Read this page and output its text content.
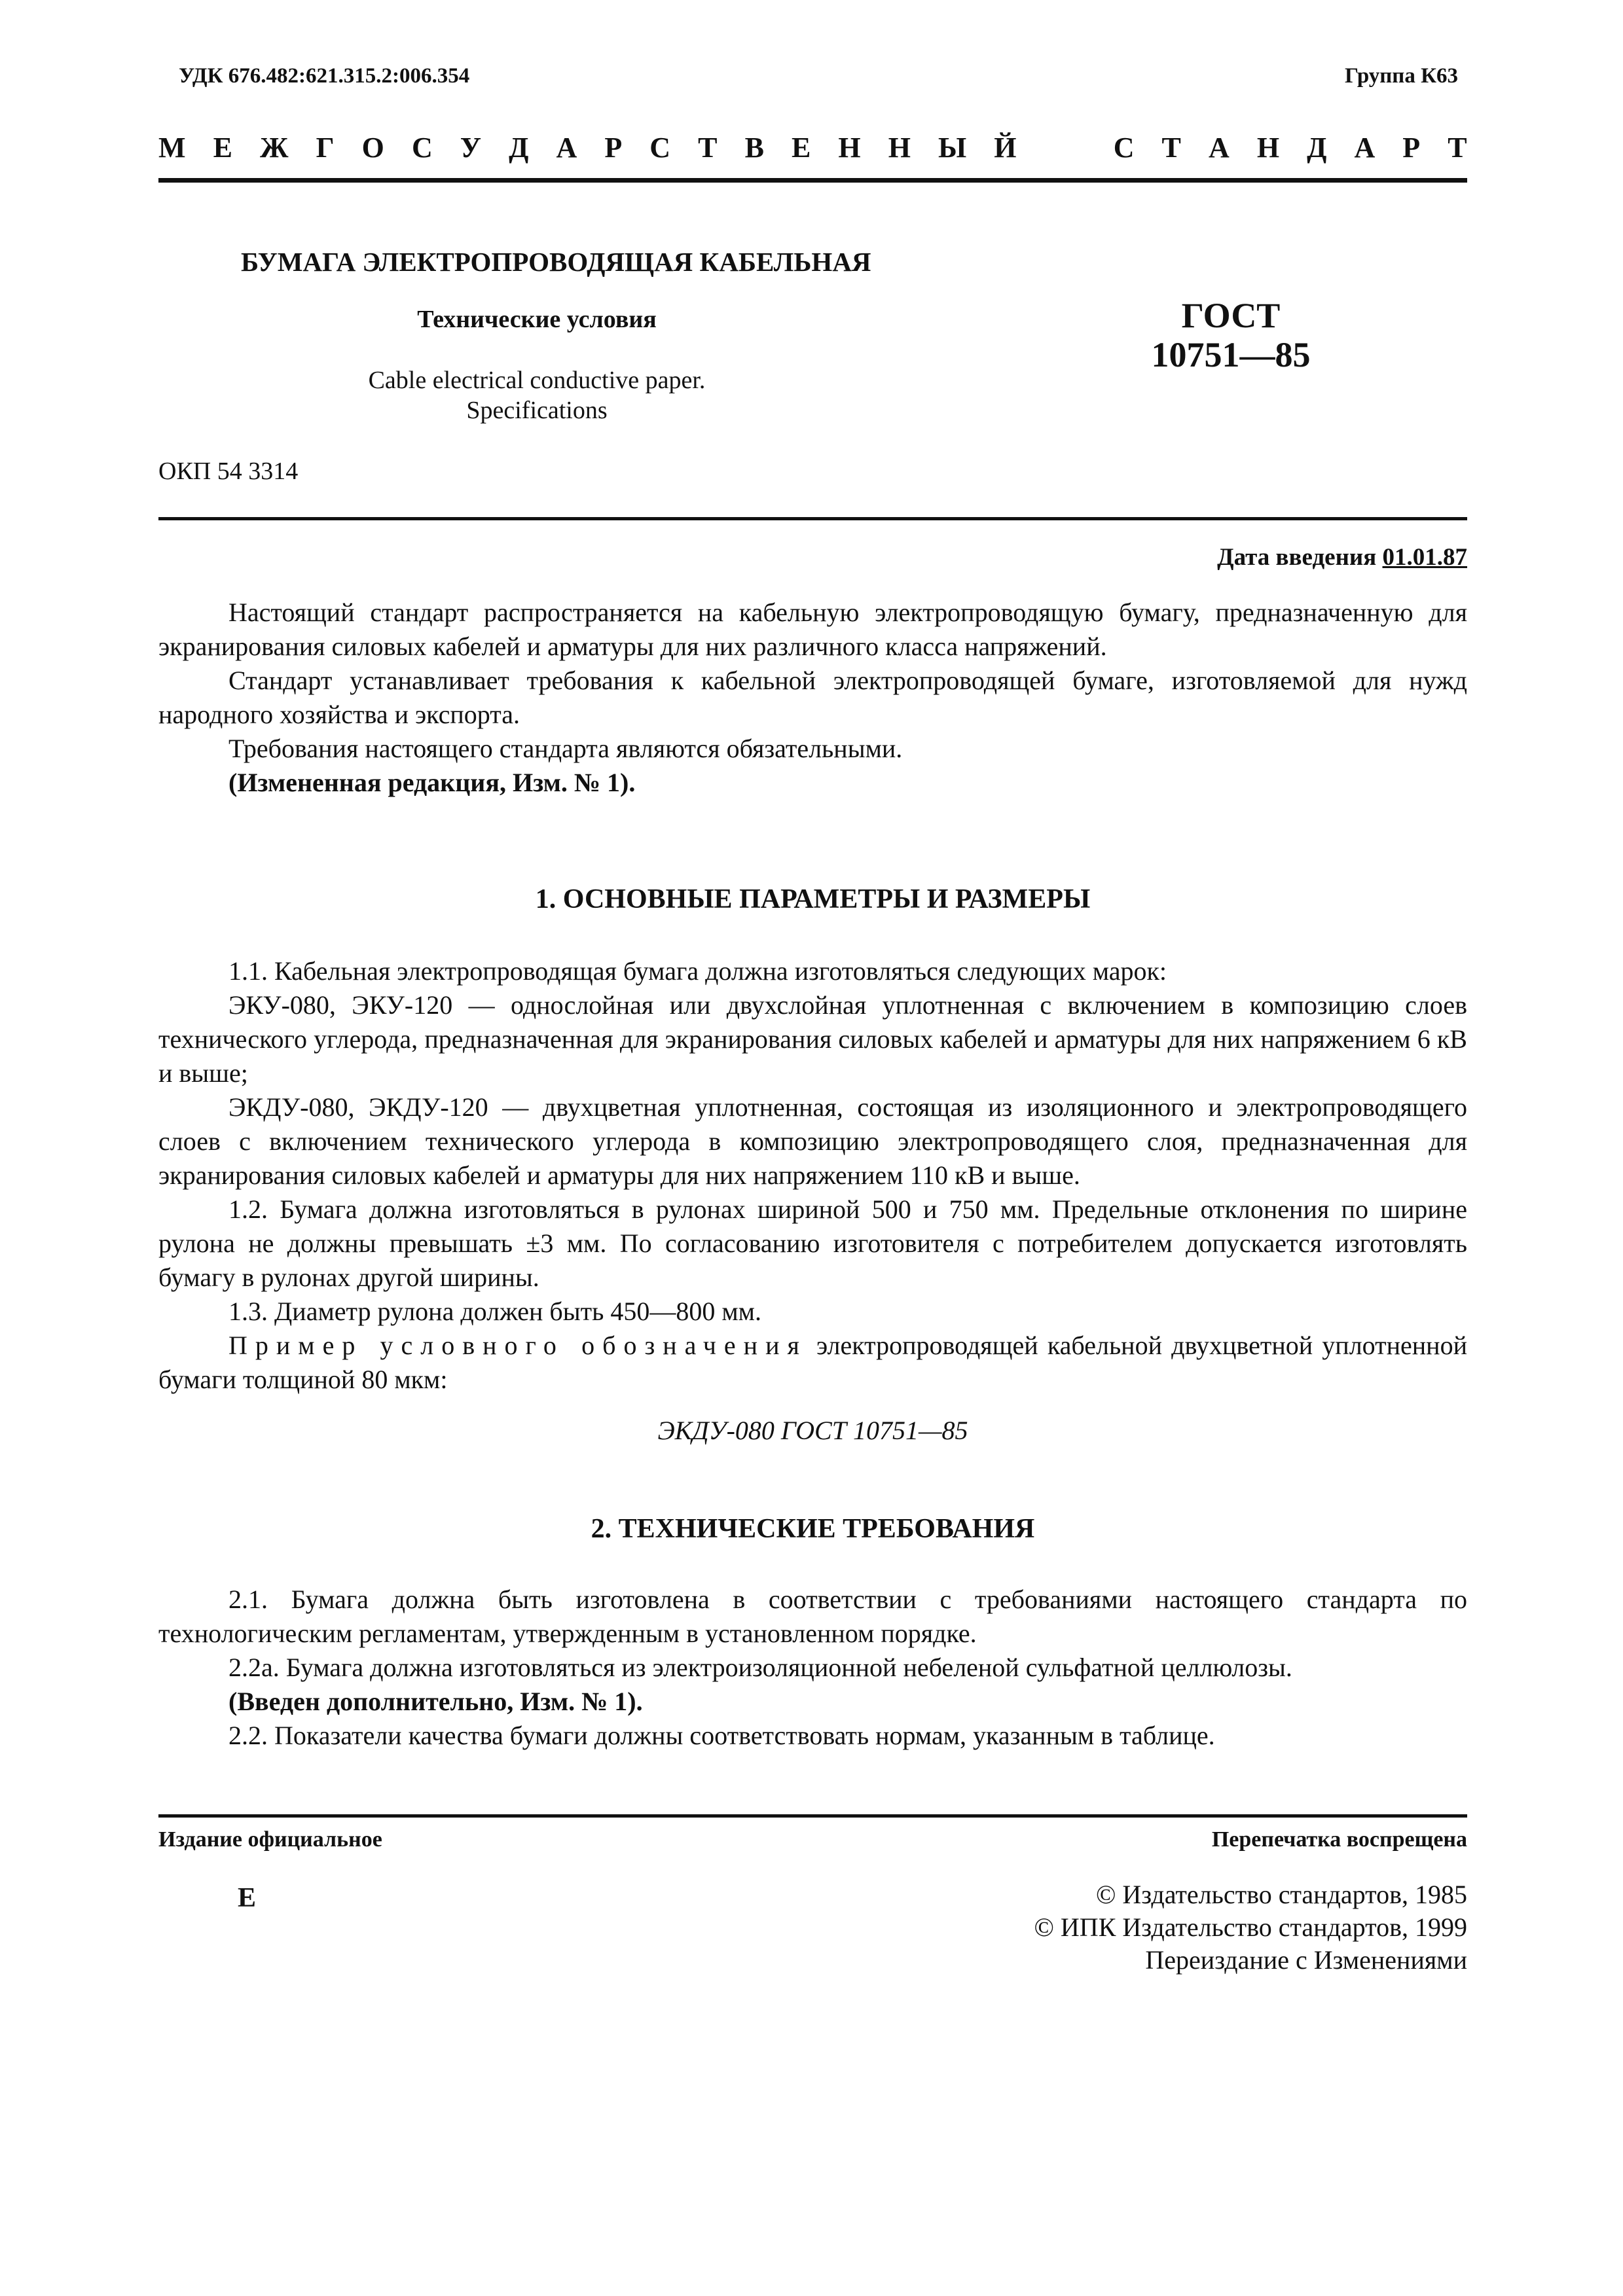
УДК 676.482:621.315.2:006.354	Группа К63
М Е Ж Г О С У Д А Р С Т В Е Н Н Ы Й

	С Т А Н Д А Р Т
БУМАГА ЭЛЕКТРОПРОВОДЯЩАЯ КАБЕЛЬНАЯ
Технические условия
Cable electrical conductive paper.
Specifications
ГОСТ
10751—85
ОКП 54 3314
Дата введения 01.01.87

Настоящий стандарт распространяется на кабельную электропроводящую бумагу, предназначенную для экранирования силовых кабелей и арматуры для них различного класса напряжений.

Стандарт устанавливает требования к кабельной электропроводящей бумаге, изготовляемой для нужд народного хозяйства и экспорта.

Требования настоящего стандарта являются обязательными.

(Измененная редакция, Изм. № 1).

1. ОСНОВНЫЕ ПАРАМЕТРЫ И РАЗМЕРЫ

1.1. Кабельная электропроводящая бумага должна изготовляться следующих марок:

ЭКУ-080, ЭКУ-120 — однослойная или двухслойная уплотненная с включением в композицию слоев технического углерода, предназначенная для экранирования силовых кабелей и арматуры для них напряжением 6 кВ и выше;

ЭКДУ-080, ЭКДУ-120 — двухцветная уплотненная, состоящая из изоляционного и электропроводящего слоев с включением технического углерода в композицию электропроводящего слоя, предназначенная для экранирования силовых кабелей и арматуры для них напряжением 110 кВ и выше.

1.2. Бумага должна изготовляться в рулонах шириной 500 и 750 мм. Предельные отклонения по ширине рулона не должны превышать ±3 мм. По согласованию изготовителя с потребителем допускается изготовлять бумагу в рулонах другой ширины.

1.3. Диаметр рулона должен быть 450—800 мм.

Пример условного обозначения электропроводящей кабельной двухцветной уплотненной бумаги толщиной 80 мкм:

ЭКДУ-080 ГОСТ 10751—85
2. ТЕХНИЧЕСКИЕ ТРЕБОВАНИЯ

2.1. Бумага должна быть изготовлена в соответствии с требованиями настоящего стандарта по технологическим регламентам, утвержденным в установленном порядке.

2.2а. Бумага должна изготовляться из электроизоляционной небеленой сульфатной целлюлозы.

(Введен дополнительно, Изм. № 1).

2.2. Показатели качества бумаги должны соответствовать нормам, указанным в таблице.

Издание официальное	Перепечатка воспрещена
Е	© Издательство стандартов, 1985
© ИПК Издательство стандартов, 1999
Переиздание с Изменениями
